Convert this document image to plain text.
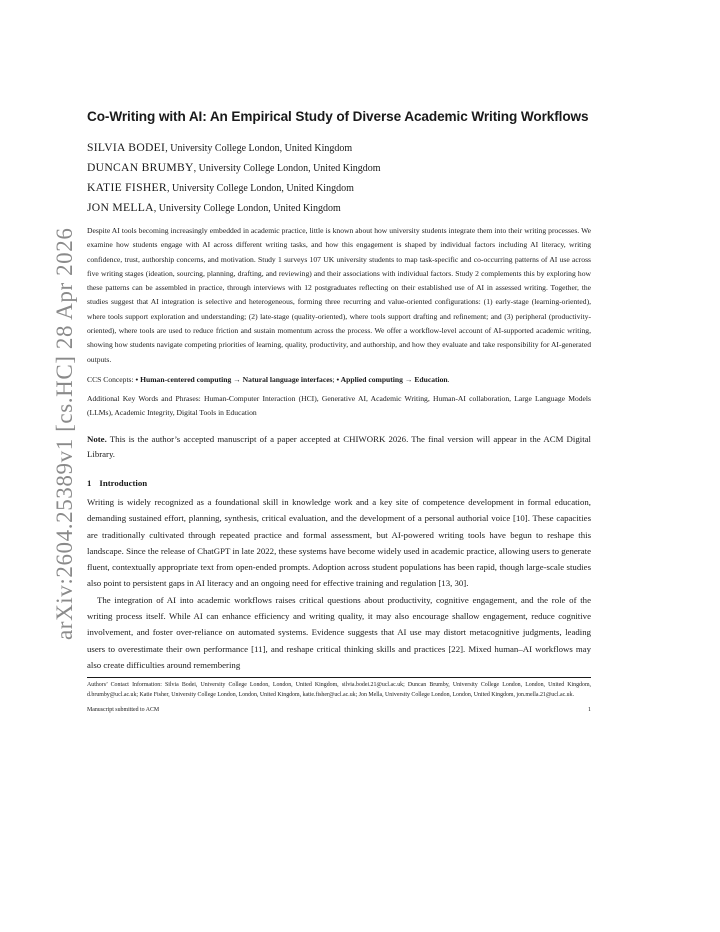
arXiv:2604.25389v1 [cs.HC] 28 Apr 2026
Co-Writing with AI: An Empirical Study of Diverse Academic Writing Workflows
SILVIA BODEI, University College London, United Kingdom
DUNCAN BRUMBY, University College London, United Kingdom
KATIE FISHER, University College London, United Kingdom
JON MELLA, University College London, United Kingdom

Despite AI tools becoming increasingly embedded in academic practice, little is known about how university students integrate them into their writing processes. We examine how students engage with AI across different writing tasks, and how this engagement is shaped by individual factors including AI literacy, writing confidence, trust, authorship concerns, and motivation. Study 1 surveys 107 UK university students to map task-specific and co-occurring patterns of AI use across five writing stages (ideation, sourcing, planning, drafting, and reviewing) and their associations with individual factors. Study 2 complements this by exploring how these patterns can be assembled in practice, through interviews with 12 postgraduates reflecting on their established use of AI in assessed writing. Together, the studies suggest that AI integration is selective and heterogeneous, forming three recurring and value-oriented configurations: (1) early-stage (learning-oriented), where tools support exploration and understanding; (2) late-stage (quality-oriented), where tools support drafting and refinement; and (3) peripheral (productivity-oriented), where tools are used to reduce friction and sustain momentum across the process. We offer a workflow-level account of AI-supported academic writing, showing how students navigate competing priorities of learning, quality, productivity, and authorship, and how they evaluate and take responsibility for AI-generated outputs.

CCS Concepts: • Human-centered computing → Natural language interfaces; • Applied computing → Education.

Additional Key Words and Phrases: Human-Computer Interaction (HCI), Generative AI, Academic Writing, Human-AI collaboration, Large Language Models (LLMs), Academic Integrity, Digital Tools in Education

Note. This is the author’s accepted manuscript of a paper accepted at CHIWORK 2026. The final version will appear in the ACM Digital Library.

1 Introduction

Writing is widely recognized as a foundational skill in knowledge work and a key site of competence development in formal education, demanding sustained effort, planning, synthesis, critical evaluation, and the development of a personal authorial voice [10]. These capacities are traditionally cultivated through repeated practice and formal assessment, but AI-powered writing tools have begun to reshape this landscape. Since the release of ChatGPT in late 2022, these systems have become widely used in academic practice, allowing users to generate fluent, contextually appropriate text from open-ended prompts. Adoption across student populations has been rapid, though large-scale studies also point to persistent gaps in AI literacy and an ongoing need for effective training and regulation [13, 30].

The integration of AI into academic workflows raises critical questions about productivity, cognitive engagement, and the role of the writing process itself. While AI can enhance efficiency and writing quality, it may also encourage shallow engagement, reduce cognitive involvement, and foster over-reliance on automated systems. Evidence suggests that AI use may distort metacognitive judgments, leading users to overestimate their own performance [11], and reshape critical thinking skills and practices [22]. Mixed human–AI workflows may also create difficulties around remembering

Authors’ Contact Information: Silvia Bodei, University College London, London, United Kingdom, silvia.bodei.21@ucl.ac.uk; Duncan Brumby, University College London, London, United Kingdom, d.brumby@ucl.ac.uk; Katie Fisher, University College London, London, United Kingdom, katie.fisher@ucl.ac.uk; Jon Mella, University College London, London, United Kingdom, jon.mella.21@ucl.ac.uk.

Manuscript submitted to ACM	1
